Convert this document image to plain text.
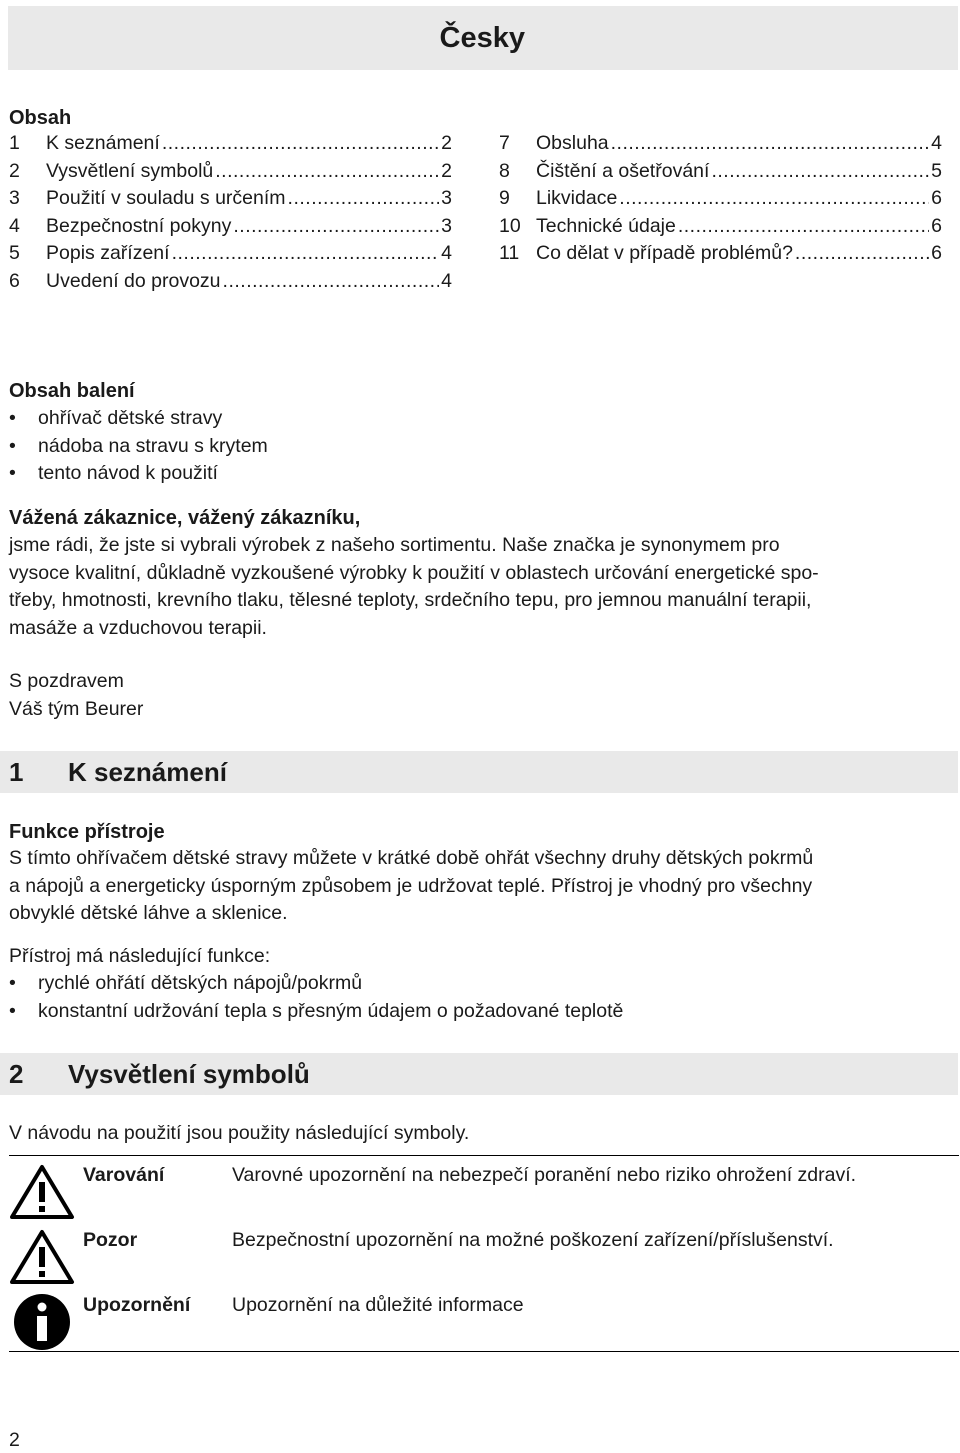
Česky
Obsah
1	K seznámení .....	2
2	Vysvětlení symbolů .....	2
3	Použití v souladu s určením .....	3
4	Bezpečnostní pokyny .....	3
5	Popis zařízení .....	4
6	Uvedení do provozu .....	4
7	Obsluha .....	4
8	Čištění a ošetřování .....	5
9	Likvidace .....	6
10 Technické údaje .....	6
11 Co dělat v případě problémů? .....	6
Obsah balení
•	ohřívač dětské stravy
•	nádoba na stravu s krytem
•	tento návod k použití
Vážená zákaznice, vážený zákazníku,
jsme rádi, že jste si vybrali výrobek z našeho sortimentu. Naše značka je synonymem pro
vysoce kvalitní, důkladně vyzkoušené výrobky k použití v oblastech určování energetické spo-
třeby, hmotnosti, krevního tlaku, tělesné teploty, srdečního tepu, pro jemnou manuální terapii,
masáže a vzduchovou terapii.
S pozdravem
Váš tým Beurer
1 K seznámení
Funkce přístroje
S tímto ohřívačem dětské stravy můžete v krátké době ohřát všechny druhy dětských pokrmů
a nápojů a energeticky úsporným způsobem je udržovat teplé. Přístroj je vhodný pro všechny
obvyklé dětské láhve a sklenice.
Přístroj má následující funkce:
•	rychlé ohřátí dětských nápojů/pokrmů
•	konstantní udržování tepla s přesným údajem o požadované teplotě
2 Vysvětlení symbolů
V návodu na použití jsou použity následující symboly.
Varování	Varovné upozornění na nebezpečí poranění nebo riziko ohrožení zdraví.
Pozor	Bezpečnostní upozornění na možné poškození zařízení/příslušenství.
Upozornění Upozornění na důležité informace
2
